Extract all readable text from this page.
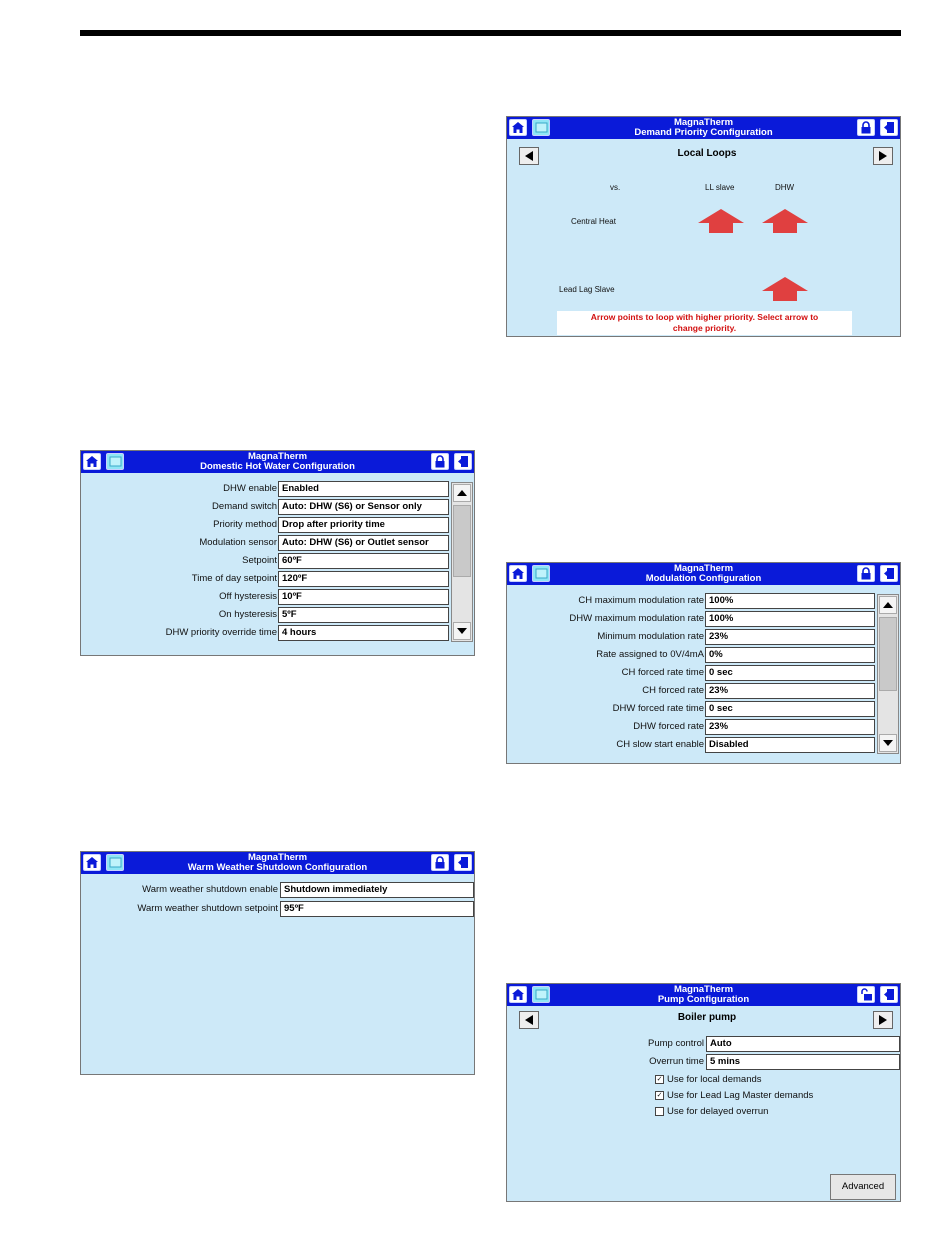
MagnaTherm
Domestic Hot Water Configuration
DHW enable Enabled
Demand switch Auto: DHW (S6) or Sensor only
Priority method Drop after priority time
Modulation sensor Auto: DHW (S6) or Outlet sensor
Setpoint 60ºF
Time of day setpoint 120ºF
Off hysteresis 10ºF
On hysteresis 5ºF
DHW priority override time 4 hours
MagnaTherm
Warm Weather Shutdown Configuration
Warm weather shutdown enable Shutdown immediately
Warm weather shutdown setpoint 95ºF
MagnaTherm
Demand Priority Configuration
Local Loops
vs.	LL slave	DHW
Central Heat
Lead Lag Slave
Arrow points to loop with higher priority. Select arrow to change priority.
MagnaTherm
Modulation Configuration
CH maximum modulation rate 100%
DHW maximum modulation rate 100%
Minimum modulation rate 23%
Rate assigned to 0V/4mA 0%
CH forced rate time 0 sec
CH forced rate 23%
DHW forced rate time 0 sec
DHW forced rate 23%
CH slow start enable Disabled
MagnaTherm
Pump Configuration
Boiler pump
Pump control Auto
Overrun time 5 mins
✓ Use for local demands
✓ Use for Lead Lag Master demands
Use for delayed overrun
Advanced
